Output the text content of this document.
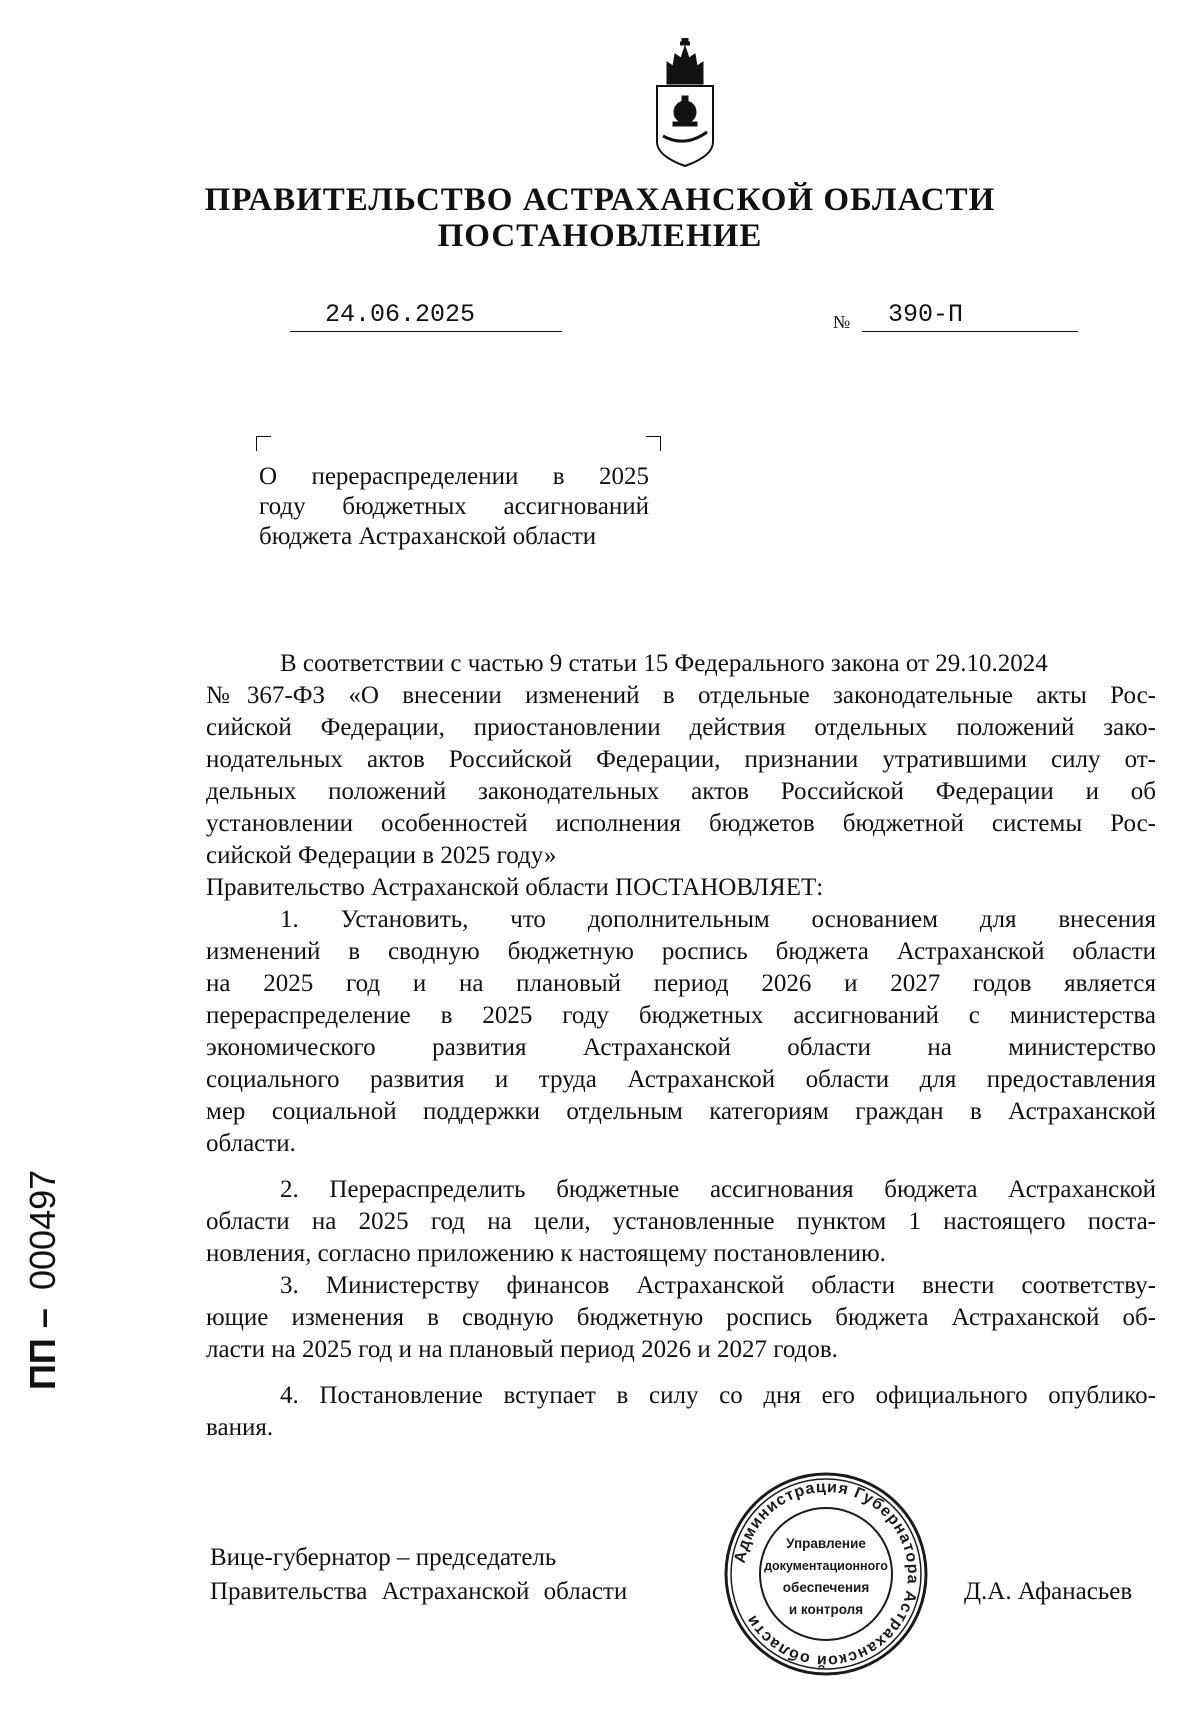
ПРАВИТЕЛЬСТВО АСТРАХАНСКОЙ ОБЛАСТИ
ПОСТАНОВЛЕНИЕ
24.06.2025	№ 390-П
О перераспределении в 2025
году бюджетных ассигнований
бюджета Астраханской области
В соответствии с частью 9 статьи 15 Федерального закона от 29.10.2024
№367-ФЗ «О внесении изменений в отдельные законодательные акты Рос-
сийской Федерации, приостановлении действия отдельных положений зако-
нодательных актов Российской Федерации, признании утратившими силу от-
дельных положений законодательных актов Российской Федерации и об
установлении особенностей исполнения бюджетов бюджетной системы Рос-
сийской Федерации в 2025 году»
Правительство Астраханской области ПОСТАНОВЛЯЕТ:
1. Установить, что дополнительным основанием для внесения
изменений в сводную бюджетную роспись бюджета Астраханской области
на 2025 год и на плановый период 2026 и 2027 годов является
перераспределение в 2025 году бюджетных ассигнований с министерства
экономического развития Астраханской области на министерство
социального развития и труда Астраханской области для предоставления
мер социальной поддержки отдельным категориям граждан в Астраханской
области.
2. Перераспределить бюджетные ассигнования бюджета Астраханской
области на 2025 год на цели, установленные пунктом 1 настоящего поста-
новления, согласно приложению к настоящему постановлению.
3. Министерству финансов Астраханской области внести соответству-
ющие изменения в сводную бюджетную роспись бюджета Астраханской об-
ласти на 2025 год и на плановый период 2026 и 2027 годов.
4. Постановление вступает в силу со дня его официального опублико-
вания.
Вице-губернатор – председатель
Правительства Астраханской области	Д.А. Афанасьев
Администрация Губернатора Астраханской области
Управление
документационного
обеспечения
и контроля
ПП –
000497
